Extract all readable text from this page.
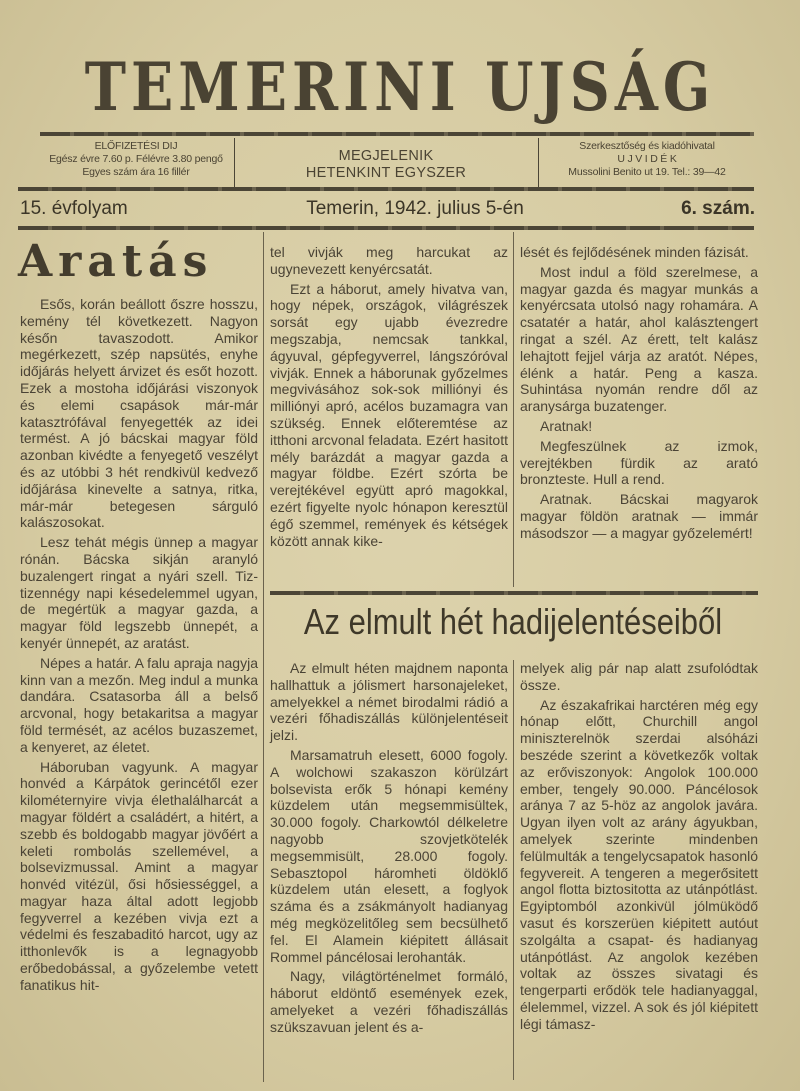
TEMERINI UJSÁG
ELŐFIZETÉSI DIJ
Egész évre 7.60 p. Félévre 3.80 pengő
Egyes szám ára 16 fillér
MEGJELENIK
HETENKINT EGYSZER
Szerkesztőség és kiadóhivatal
U J V I D É K
Mussolini Benito ut 19. Tel.: 39—42
15. évfolyam	Temerin, 1942. julius 5-én	6. szám.
Aratás

Esős, korán beállott őszre hosszu, kemény tél következett. Nagyon későn tavaszodott. Amikor megérkezett, szép napsütés, enyhe időjárás helyett árvizet és esőt hozott. Ezek a mostoha időjárási viszonyok és elemi csapások már-már katasztrófával fenyegették az idei termést. A jó bácskai magyar föld azonban kivédte a fenyegető veszélyt és az utóbbi 3 hét rendkivül kedvező időjárása kinevelte a satnya, ritka, már-már betegesen sárguló kalászosokat.

Lesz tehát mégis ünnep a magyar rónán. Bácska sikján aranyló buzalengert ringat a nyári szell. Tiz-tizennégy napi késedelemmel ugyan, de megértük a magyar gazda, a magyar föld legszebb ünnepét, a kenyér ünnepét, az aratást.

Népes a határ. A falu apraja nagyja kinn van a mezőn. Meg indul a munka dandára. Csatasorba áll a belső arcvonal, hogy betakaritsa a magyar föld termését, az acélos buzaszemet, a kenyeret, az életet.

Háboruban vagyunk. A magyar honvéd a Kárpátok gerincétől ezer kilométernyire vivja élethalálharcát a magyar földért a családért, a hitért, a szebb és boldogabb magyar jövőért a keleti rombolás szellemével, a bolsevizmussal. Amint a magyar honvéd vitézül, ősi hősiességgel, a magyar haza által adott legjobb fegyverrel a kezében vivja ezt a védelmi és feszabaditó harcot, ugy az itthonlevők is a legnagyobb erőbedobással, a győzelembe vetett fanatikus hit-

tel vivják meg harcukat az ugynevezett kenyércsatát.

Ezt a háborut, amely hivatva van, hogy népek, országok, világrészek sorsát egy ujabb évezredre megszabja, nemcsak tankkal, ágyuval, gépfegyverrel, lángszóróval vivják. Ennek a háborunak győzelmes megvivásához sok-sok milliónyi és milliónyi apró, acélos buzamagra van szükség. Ennek előteremtése az itthoni arcvonal feladata. Ezért hasitott mély barázdát a magyar gazda a magyar földbe. Ezért szórta be verejtékével együtt apró magokkal, ezért figyelte nyolc hónapon keresztül égő szemmel, remények és kétségek között annak kike-

lését és fejlődésének minden fázisát.

Most indul a föld szerelmese, a magyar gazda és magyar munkás a kenyércsata utolsó nagy rohamára. A csatatér a határ, ahol kalásztengert ringat a szél. Az érett, telt kalász lehajtott fejjel várja az aratót. Népes, élénk a határ. Peng a kasza. Suhintása nyomán rendre dől az aranysárga buzatenger.

Aratnak!

Megfeszülnek az izmok, verejtékben fürdik az arató bronzteste. Hull a rend.

Aratnak. Bácskai magyarok magyar földön aratnak — immár másodszor — a magyar győzelemért!

Az elmult hét hadijelentéseiből

Az elmult héten majdnem naponta hallhattuk a jólismert harsonajeleket, amelyekkel a német birodalmi rádió a vezéri főhadiszállás különjelentéseit jelzi.

Marsamatruh elesett, 6000 fogoly. A wolchowi szakaszon körülzárt bolsevista erők 5 hónapi kemény küzdelem után megsemmisültek, 30.000 fogoly. Charkowtól délkeletre nagyobb szovjetkötelék megsemmisült, 28.000 fogoly. Sebasztopol háromheti öldöklő küzdelem után elesett, a foglyok száma és a zsákmányolt hadianyag még megközelitőleg sem becsülhető fel. El Alamein kiépitett állásait Rommel páncélosai lerohanták.

Nagy, világtörténelmet formáló, háborut eldöntő események ezek, amelyeket a vezéri főhadiszállás szükszavuan jelent és a-

melyek alig pár nap alatt zsufolódtak össze.

Az északafrikai harctéren még egy hónap előtt, Churchill angol miniszterelnök szerdai alsóházi beszéde szerint a következők voltak az erőviszonyok: Angolok 100.000 ember, tengely 90.000. Páncélosok aránya 7 az 5-höz az angolok javára. Ugyan ilyen volt az arány ágyukban, amelyek szerinte mindenben felülmulták a tengelycsapatok hasonló fegyvereit. A tengeren a megerősitett angol flotta biztositotta az utánpótlást. Egyiptomból azonkivül jólmüködő vasut és korszerüen kiépitett autóut szolgálta a csapat- és hadianyag utánpótlást. Az angolok kezében voltak az összes sivatagi és tengerparti erődök tele hadianyaggal, élelemmel, vizzel. A sok és jól kiépitett légi támasz-
